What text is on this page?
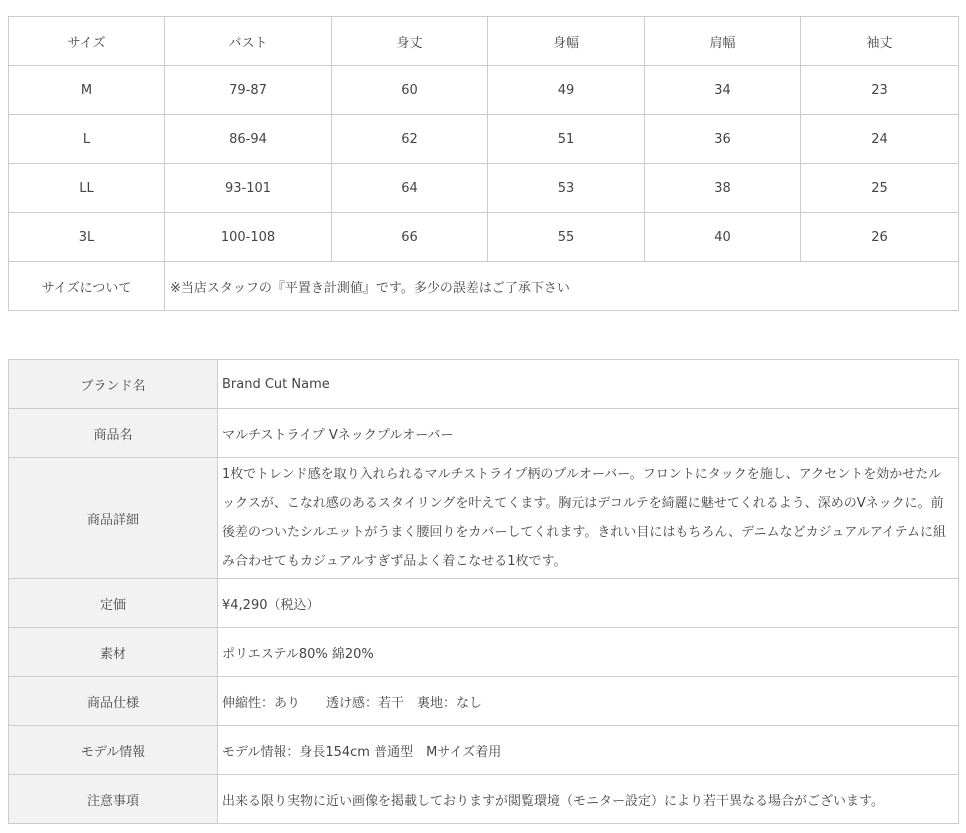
サイズ	バスト	身丈	身幅	肩幅	袖丈
M	79-87	60	49	34	23
L	86-94	62	51	36	24
LL	93-101	64	53	38	25
3L	100-108	66	55	40	26
サイズについて	※当店スタッフの『平置き計測値』です。多少の誤差はご了承下さい				
ブランド名	Brand Cut Name
商品名	マルチストライプ Vネックプルオーバー
商品詳細	1枚でトレンド感を取り入れられるマルチストライプ柄のプルオーバー。フロントにタックを施し、アクセントを効かせたルックスが、こなれ感のあるスタイリングを叶えてくます。胸元はデコルテを綺麗に魅せてくれるよう、深めのVネックに。前後差のついたシルエットがうまく腰回りをカバーしてくれます。きれい目にはもちろん、デニムなどカジュアルアイテムに組み合わせてもカジュアルすぎず品よく着こなせる1枚です。
定価	¥4,290（税込）
素材	ポリエステル80% 綿20%
商品仕様	伸縮性：あり　　透け感：若干　裏地：なし
モデル情報	モデル情報：身長154cm 普通型　Mサイズ着用
注意事項	出来る限り実物に近い画像を掲載しておりますが閲覧環境（モニター設定）により若干異なる場合がございます。
